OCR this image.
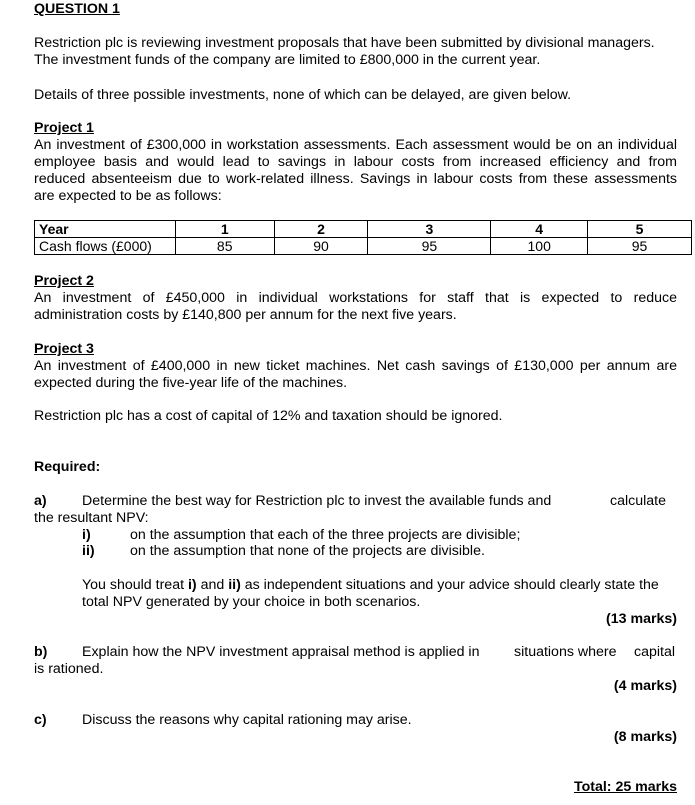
QUESTION 1
Restriction plc is reviewing investment proposals that have been submitted by divisional managers.
The investment funds of the company are limited to £800,000 in the current year.
Details of three possible investments, none of which can be delayed, are given below.
Project 1
An investment of £300,000 in workstation assessments. Each assessment would be on an individual
employee basis and would lead to savings in labour costs from increased efficiency and from
reduced absenteeism due to work-related illness. Savings in labour costs from these assessments
are expected to be as follows:
Year	1	2	3	4	5
Cash flows (£000)	85	90	95	100	95
Project 2
An investment of £450,000 in individual workstations for staff that is expected to reduce
administration costs by £140,800 per annum for the next five years.
Project 3
An investment of £400,000 in new ticket machines. Net cash savings of £130,000 per annum are
expected during the five-year life of the machines.
Restriction plc has a cost of capital of 12% and taxation should be ignored.
Required:
a) Determine the best way for Restriction plc to invest the available funds and	calculate
the resultant NPV:
i)	on the assumption that each of the three projects are divisible;
ii) on the assumption that none of the projects are divisible.
You should treat i) and ii) as independent situations and your advice should clearly state the
total NPV generated by your choice in both scenarios.
(13 marks)
b) Explain how the NPV investment appraisal method is applied in situations where capital
is rationed.
(4 marks)
c) Discuss the reasons why capital rationing may arise.
(8 marks)
Total: 25 marks
